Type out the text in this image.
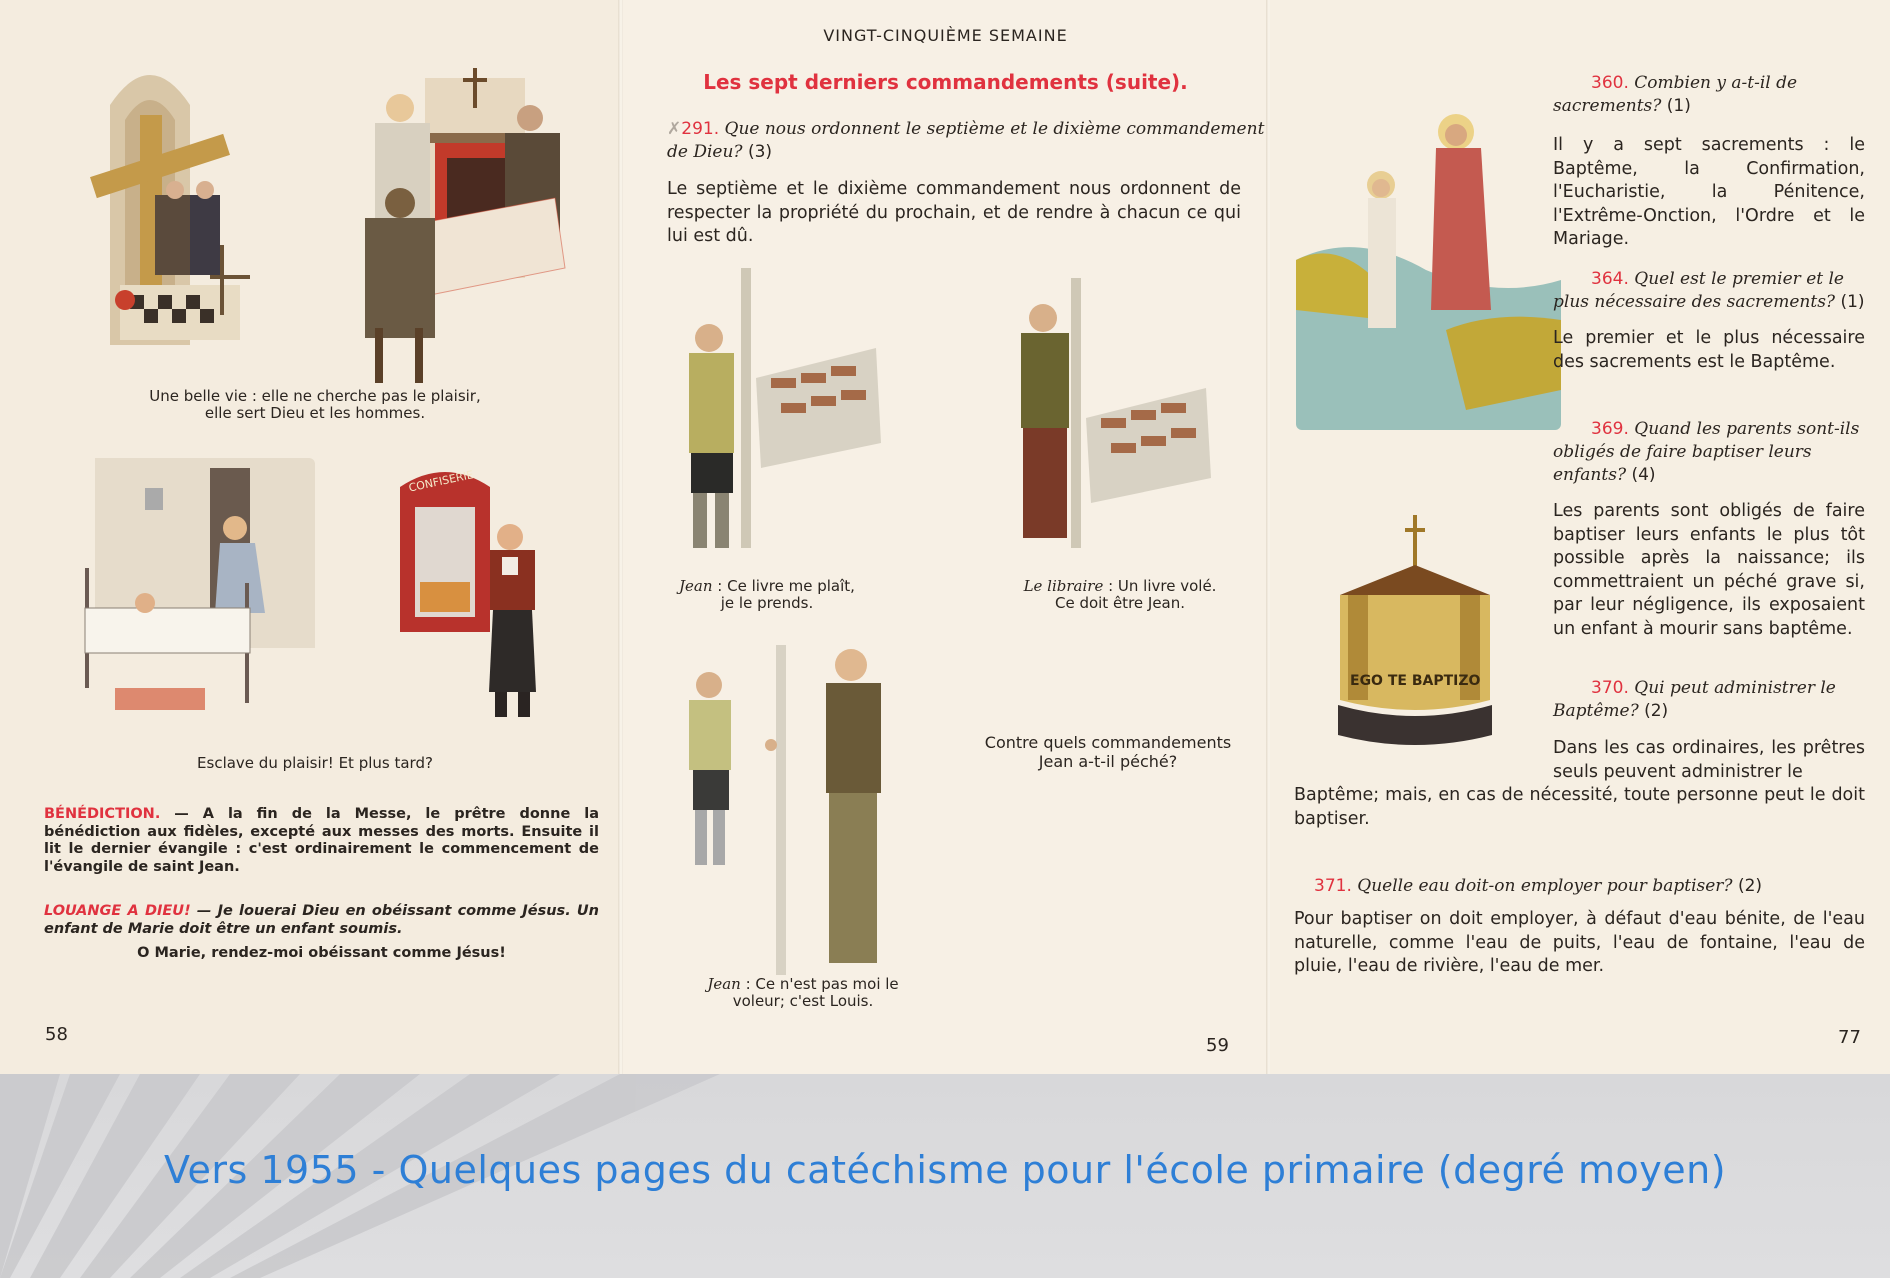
Une belle vie : elle ne cherche pas le plaisir,
elle sert Dieu et les hommes.
CONFISERIE
Esclave du plaisir! Et plus tard?
BÉNÉDICTION. — A la fin de la Messe, le prêtre donne la bénédiction aux fidèles, excepté aux messes des morts. Ensuite il lit le dernier évangile : c'est ordinairement le commencement de l'évangile de saint Jean.
LOUANGE A DIEU! — Je louerai Dieu en obéissant comme Jésus. Un enfant de Marie doit être un enfant soumis.
O Marie, rendez-moi obéissant comme Jésus!
58
VINGT-CINQUIÈME SEMAINE
Les sept derniers commandements (suite).
✗291. Que nous ordonnent le septième et le dixième commandement de Dieu? (3)
Le septième et le dixième commandement nous ordonnent de respecter la propriété du prochain, et de rendre à chacun ce qui lui est dû.
Jean : Ce livre me plaît,
je le prends.
Le libraire : Un livre volé.
Ce doit être Jean.
Jean : Ce n'est pas moi le
voleur; c'est Louis.
Contre quels commandements
Jean a-t-il péché?
59
360. Combien y a-t-il de sacrements? (1)
Il y a sept sacrements : le Baptême, la Confirmation, l'Eucharistie, la Pénitence, l'Extrême-Onction, l'Ordre et le Mariage.
364. Quel est le premier et le plus nécessaire des sacrements? (1)
Le premier et le plus nécessaire des sacrements est le Baptême.
369. Quand les parents sont-ils obligés de faire baptiser leurs enfants? (4)
Les parents sont obligés de faire baptiser leurs enfants le plus tôt possible après la naissance; ils commettraient un péché grave si, par leur négligence, ils exposaient un enfant à mourir sans baptême.
EGO TE BAPTIZO	370. Qui peut administrer le Baptême? (2)
Dans les cas ordinaires, les prêtres seuls peuvent administrer le
Baptême; mais, en cas de nécessité, toute personne peut le doit baptiser.
371. Quelle eau doit-on employer pour baptiser? (2)
Pour baptiser on doit employer, à défaut d'eau bénite, de l'eau naturelle, comme l'eau de puits, l'eau de fontaine, l'eau de pluie, l'eau de rivière, l'eau de mer.
77
Vers 1955 - Quelques pages du catéchisme pour l'école primaire (degré moyen)
